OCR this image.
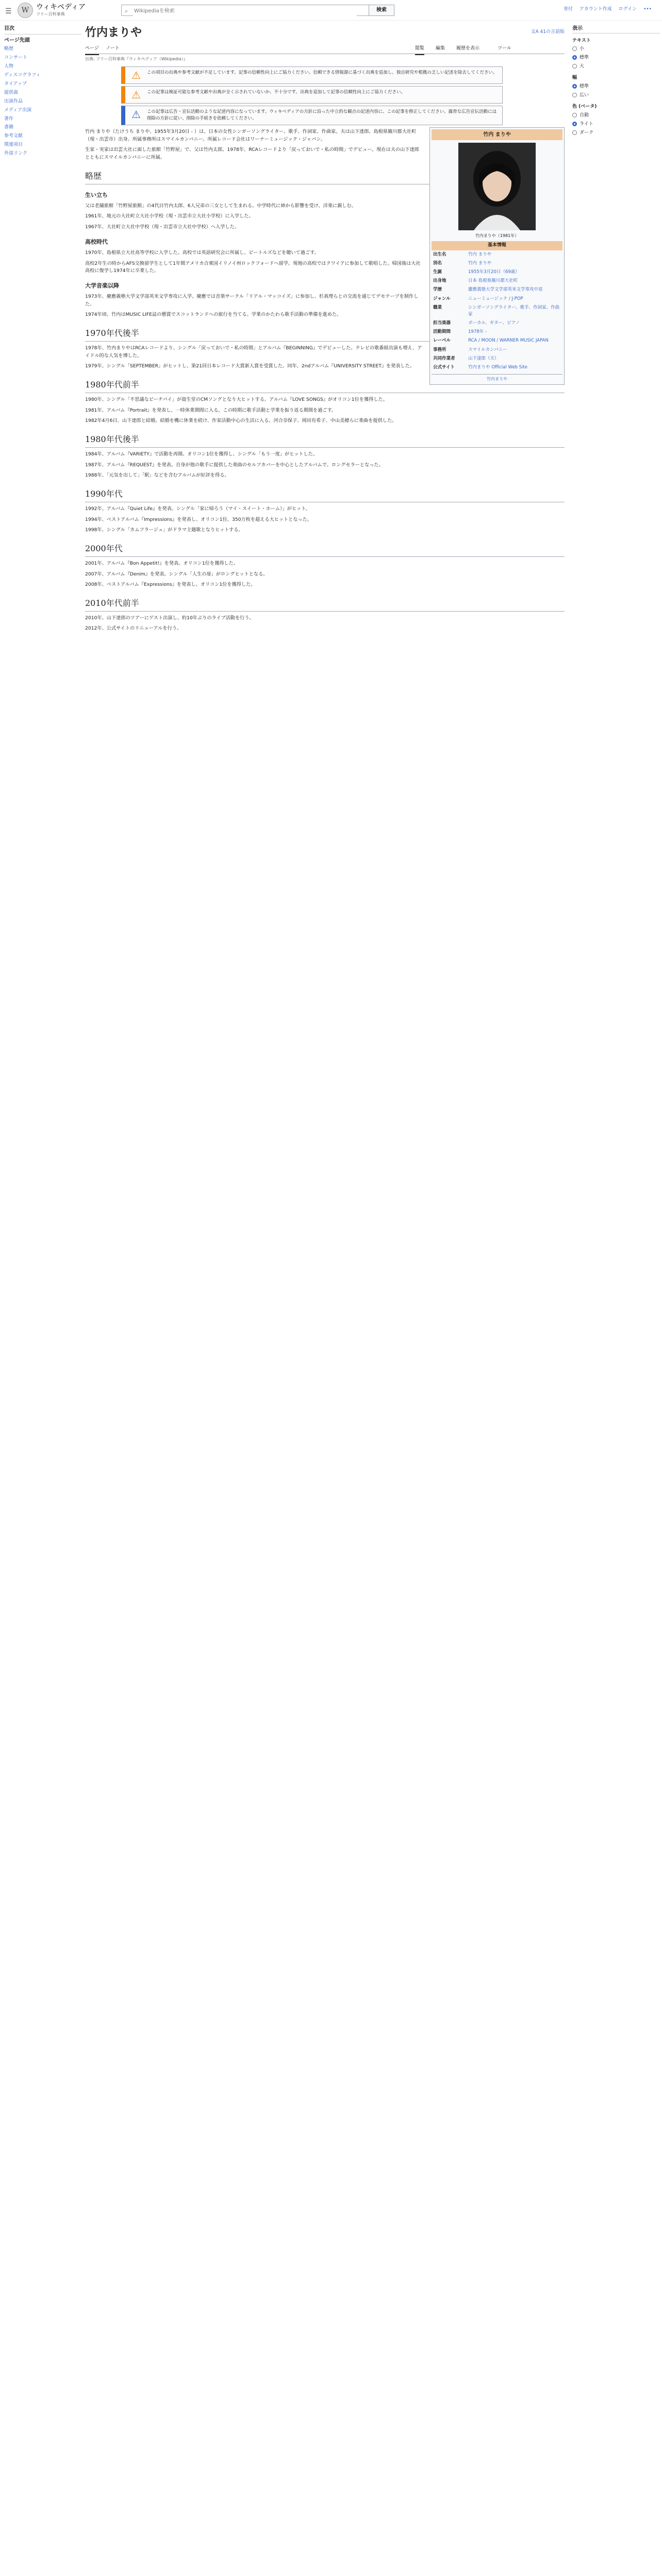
☰	W ウィキペディア
フリー百科事典	⌕
Wikipediaを検索	検索	寄付 アカウント作成 ログイン •••
目次
ページ先頭
略歴
コンサート
人物
ディスコグラフィ
タイアップ
提供曲
出演作品
メディア出演
著作
書籍
参考文献
関連項目
外部リンク
竹内まりや	文A 41の言語版
ページ ノート	閲覧 編集 履歴を表示	ツール
出典: フリー百科事典『ウィキペディア（Wikipedia）』
⚠	この項目の出典や参考文献が不足しています。記事の信頼性向上にご協力ください。信頼できる情報源に基づく出典を追加し、独自研究や根拠の乏しい記述を除去してください。
⚠	この記事は検証可能な参考文献や出典が全く示されていないか、不十分です。出典を追加して記事の信頼性向上にご協力ください。
⚠	この記事は広告・宣伝活動のような記述内容になっています。ウィキペディアの方針に沿った中立的な観点の記述内容に、この記事を修正してください。露骨な広告宣伝活動には削除の方針に従い、削除の手続きを依頼してください。
竹内 まりや
竹内まりや（1981年）
基本情報
出生名	竹内 まりや
別名	竹内 まりや
生誕	1955年3月20日（69歳）
出身地	日本 島根県簸川郡大社町
学歴	慶應義塾大学文学部英米文学専攻中退
ジャンル	ニューミュージック / J-POP
職業	シンガーソングライター、歌手、作詞家、作曲家
担当楽器	ボーカル、ギター、ピアノ
活動期間	1978年 -
レーベル	RCA / MOON / WARNER MUSIC JAPAN
事務所	スマイルカンパニー
共同作業者	山下達郎（夫）
公式サイト	竹内まりや Official Web Site
竹内まりや

竹内 まりや（たけうち まりや、1955年3月20日 - ）は、日本の女性シンガーソングライター、歌手、作詞家、作曲家。夫は山下達郎。島根県簸川郡大社町（現・出雲市）出身。所属事務所はスマイルカンパニー。所属レコード会社はワーナーミュージック・ジャパン。

生家・実家は出雲大社に面した旅館「竹野屋」で、父は竹内太郎。1978年、RCAレコードより「戻っておいで・私の時間」でデビュー。現在は夫の山下達郎とともにスマイルカンパニーに所属。

略歴
生い立ち

父は老舗旅館「竹野屋旅館」の4代目竹内太郎、6人兄弟の三女として生まれる。中学時代に姉から影響を受け、洋楽に親しむ。

1961年、地元の大社町立大社小学校（現・出雲市立大社小学校）に入学した。

1967年、大社町立大社中学校（現・出雲市立大社中学校）へ入学した。

高校時代

1970年、島根県立大社高等学校に入学した。高校では英語研究会に所属し、ビートルズなどを聴いて過ごす。

高校2年生の時からAFS交換留学生として1年間アメリカ合衆国イリノイ州ロックフォードへ留学。現地の高校ではクワイアに参加して歌唱した。帰国後は大社高校に復学し1974年に卒業した。

大学音楽以降

1973年、慶應義塾大学文学部英米文学専攻に入学。慶應では音楽サークル「リアル・マッコイズ」に参加し、杉真理らとの交流を通じてデモテープを制作した。

1974年頃、竹内はMUSIC LIFE誌の懸賞でスコットランドへの旅行を当てる。学業のかたわら歌手活動の準備を進めた。

1970年代後半

1978年、竹内まりやはRCAレコードより、シングル「戻っておいで・私の時間」とアルバム『BEGINNING』でデビューした。テレビの歌番組出演も増え、アイドル的な人気を博した。

1979年、シングル「SEPTEMBER」がヒットし、第21回日本レコード大賞新人賞を受賞した。同年、2ndアルバム『UNIVERSITY STREET』を発表した。

1980年代前半

1980年、シングル「不思議なピーチパイ」が資生堂のCMソングとなり大ヒットする。アルバム『LOVE SONGS』がオリコン1位を獲得した。

1981年、アルバム『Portrait』を発表し、一時休業期間に入る。この時期に歌手活動と学業を振り返る期間を過ごす。

1982年4月6日、山下達郎と結婚。結婚を機に休業を続け、作家活動中心の生活に入る。河合奈保子、岡田有希子、中山美穂らに楽曲を提供した。

1980年代後半

1984年、アルバム『VARIETY』で活動を再開。オリコン1位を獲得し、シングル「もう一度」がヒットした。

1987年、アルバム『REQUEST』を発表。自身が他の歌手に提供した楽曲のセルフカバーを中心としたアルバムで、ロングセラーとなった。

1988年、「元気を出して」「駅」などを含むアルバムが好評を得る。

1990年代

1992年、アルバム『Quiet Life』を発表。シングル「家に帰ろう（マイ・スイート・ホーム）」がヒット。

1994年、ベストアルバム『Impressions』を発表し、オリコン1位、350万枚を超える大ヒットとなった。

1998年、シングル「カムフラージュ」がドラマ主題歌となりヒットする。

2000年代

2001年、アルバム『Bon Appetit!』を発表。オリコン1位を獲得した。

2007年、アルバム『Denim』を発表。シングル「人生の扉」がロングヒットとなる。

2008年、ベストアルバム『Expressions』を発表し、オリコン1位を獲得した。

2010年代前半

2010年、山下達郎のツアーにゲスト出演し、約10年ぶりのライブ活動を行う。

2012年、公式サイトのリニューアルを行う。

表示
テキスト
小
標準
大
幅
標準
広い
色 (ベータ)
自動
ライト
ダーク
